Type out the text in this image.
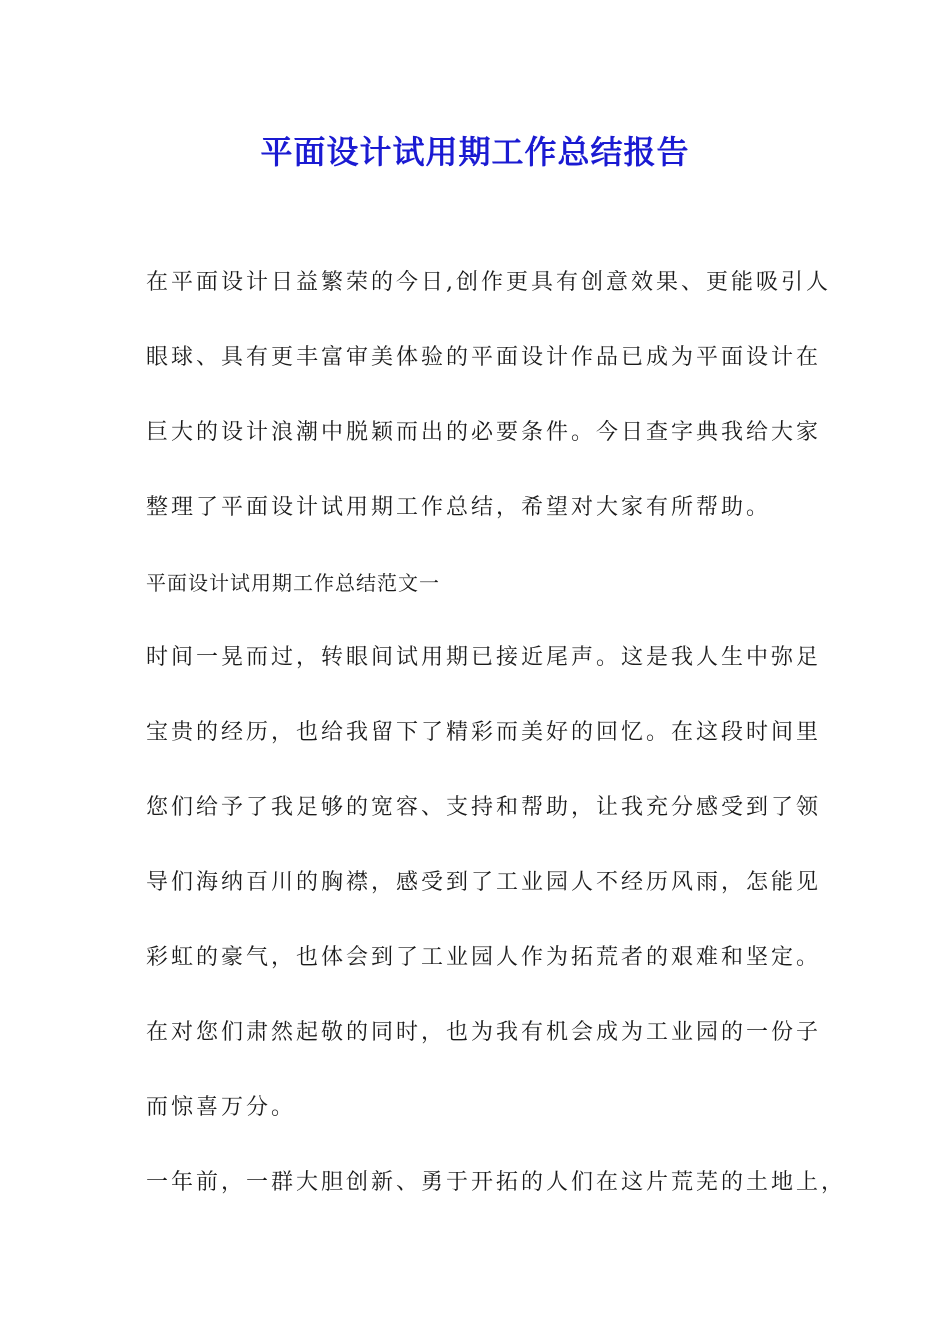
平面设计试用期工作总结报告
在平面设计日益繁荣的今日,创作更具有创意效果、更能吸引人
眼球、具有更丰富审美体验的平面设计作品已成为平面设计在
巨大的设计浪潮中脱颖而出的必要条件。今日查字典我给大家
整理了平面设计试用期工作总结，希望对大家有所帮助。
平面设计试用期工作总结范文一
时间一晃而过，转眼间试用期已接近尾声。这是我人生中弥足
宝贵的经历，也给我留下了精彩而美好的回忆。在这段时间里
您们给予了我足够的宽容、支持和帮助，让我充分感受到了领
导们海纳百川的胸襟，感受到了工业园人不经历风雨，怎能见
彩虹的豪气，也体会到了工业园人作为拓荒者的艰难和坚定。
在对您们肃然起敬的同时，也为我有机会成为工业园的一份子
而惊喜万分。
一年前，一群大胆创新、勇于开拓的人们在这片荒芜的土地上，
